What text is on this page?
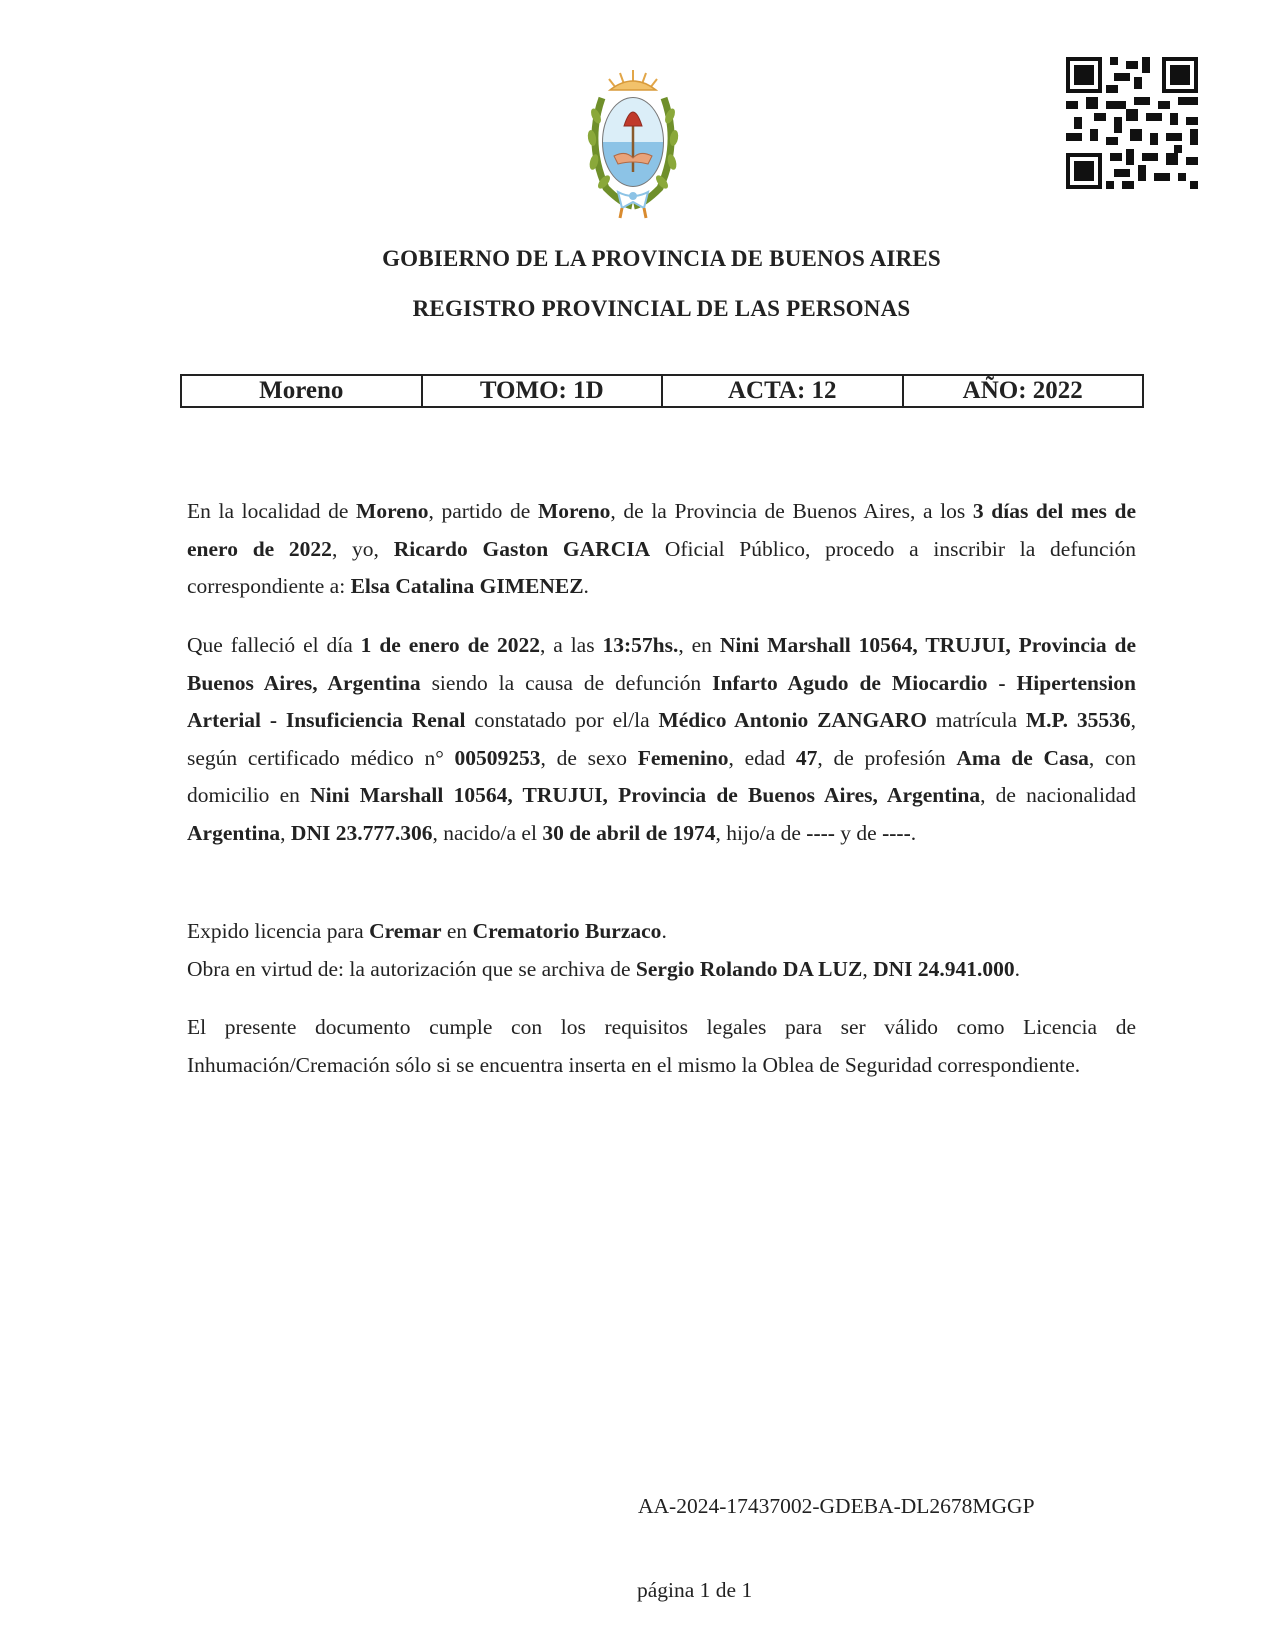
GOBIERNO DE LA PROVINCIA DE BUENOS AIRES
REGISTRO PROVINCIAL DE LAS PERSONAS
Moreno	TOMO: 1D	ACTA: 12	AÑO: 2022
En la localidad de Moreno, partido de Moreno, de la Provincia de Buenos Aires, a los 3 días del mes de enero de 2022, yo, Ricardo Gaston GARCIA Oficial Público, procedo a inscribir la defunción correspondiente a: Elsa Catalina GIMENEZ.
Que falleció el día 1 de enero de 2022, a las 13:57hs., en Nini Marshall 10564, TRUJUI, Provincia de Buenos Aires, Argentina siendo la causa de defunción Infarto Agudo de Miocardio - Hipertension Arterial - Insuficiencia Renal constatado por el/la Médico Antonio ZANGARO matrícula M.P. 35536, según certificado médico n° 00509253, de sexo Femenino, edad 47, de profesión Ama de Casa, con domicilio en Nini Marshall 10564, TRUJUI, Provincia de Buenos Aires, Argentina, de nacionalidad Argentina, DNI 23.777.306, nacido/a el 30 de abril de 1974, hijo/a de ---- y de ----.
Expido licencia para Cremar en Crematorio Burzaco.
Obra en virtud de: la autorización que se archiva de Sergio Rolando DA LUZ, DNI 24.941.000.
El presente documento cumple con los requisitos legales para ser válido como Licencia de Inhumación/Cremación sólo si se encuentra inserta en el mismo la Oblea de Seguridad correspondiente.
AA-2024-17437002-GDEBA-DL2678MGGP
página 1 de 1
